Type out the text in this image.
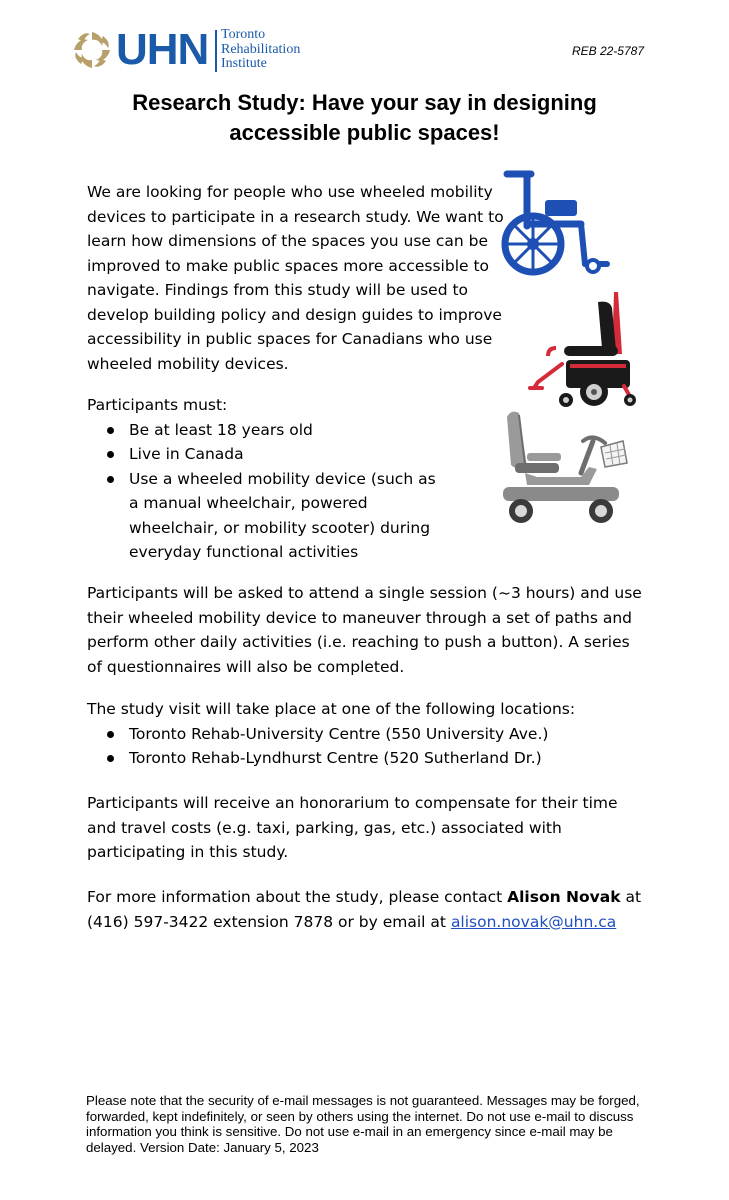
UHN Toronto
Rehabilitation
Institute
REB 22-5787
Research Study: Have your say in designing
accessible public spaces!
We are looking for people who use wheeled mobility devices to participate in a research study. We want to learn how dimensions of the spaces you use can be improved to make public spaces more accessible to navigate. Findings from this study will be used to develop building policy and design guides to improve accessibility in public spaces for Canadians who use wheeled mobility devices.
Participants must:
Be at least 18 years old
Live in Canada
Use a wheeled mobility device (such as a manual wheelchair, powered wheelchair, or mobility scooter) during everyday functional activities
Participants will be asked to attend a single session (~3 hours) and use their wheeled mobility device to maneuver through a set of paths and perform other daily activities (i.e. reaching to push a button). A series of questionnaires will also be completed.
The study visit will take place at one of the following locations:
Toronto Rehab-University Centre (550 University Ave.)
Toronto Rehab-Lyndhurst Centre (520 Sutherland Dr.)
Participants will receive an honorarium to compensate for their time and travel costs (e.g. taxi, parking, gas, etc.) associated with participating in this study.
For more information about the study, please contact Alison Novak at (416) 597-3422 extension 7878 or by email at alison.novak@uhn.ca
Please note that the security of e-mail messages is not guaranteed. Messages may be forged, forwarded, kept indefinitely, or seen by others using the internet. Do not use e-mail to discuss information you think is sensitive. Do not use e-mail in an emergency since e-mail may be delayed. Version Date: January 5, 2023
